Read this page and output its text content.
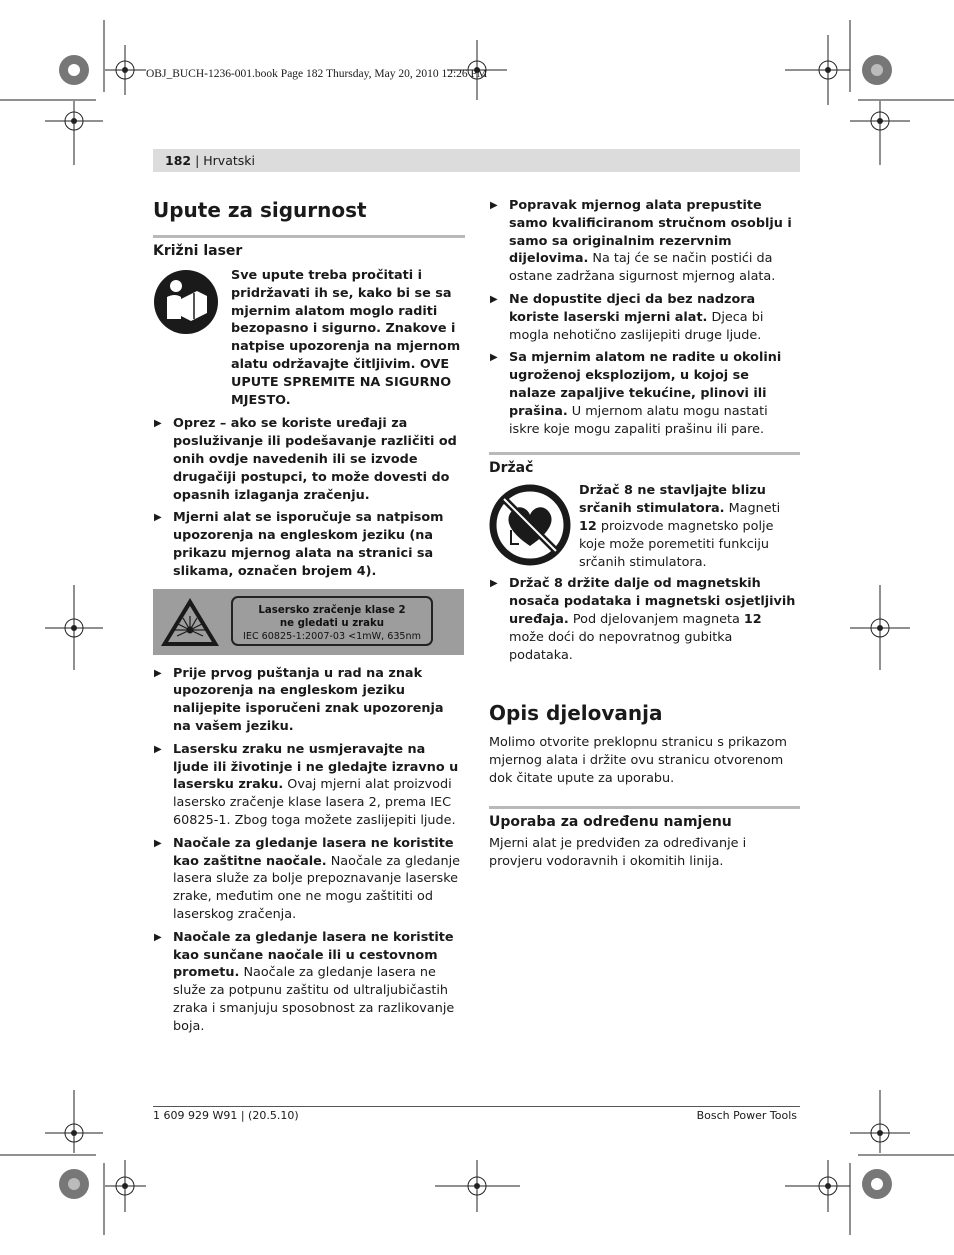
OBJ_BUCH-1236-001.book Page 182 Thursday, May 20, 2010 12:26 PM
182 | Hrvatski
Upute za sigurnost
Križni laser
Sve upute treba pročitati i pridržavati ih se, kako bi se sa mjernim alatom moglo raditi bezopasno i sigurno. Znakove i natpise upozorenja na mjernom alatu održavajte čitljivim. OVE UPUTE SPREMITE NA SIGURNO MJESTO.
▶ Oprez – ako se koriste uređaji za posluživanje ili podešavanje različiti od onih ovdje navedenih ili se izvode drugačiji postupci, to može dovesti do opasnih izlaganja zračenju.
▶ Mjerni alat se isporučuje sa natpisom upozorenja na engleskom jeziku (na prikazu mjernog alata na stranici sa slikama, označen brojem 4).
Lasersko zračenje klase 2
ne gledati u zraku
IEC 60825-1:2007-03 <1mW, 635nm
▶ Prije prvog puštanja u rad na znak upozorenja na engleskom jeziku nalijepite isporučeni znak upozorenja na vašem jeziku.
▶ Lasersku zraku ne usmjeravajte na ljude ili životinje i ne gledajte izravno u lasersku zraku. Ovaj mjerni alat proizvodi lasersko zračenje klase lasera 2, prema IEC 60825-1. Zbog toga možete zaslijepiti ljude.
▶ Naočale za gledanje lasera ne koristite kao zaštitne naočale. Naočale za gledanje lasera služe za bolje prepoznavanje laserske zrake, međutim one ne mogu zaštititi od laserskog zračenja.
▶ Naočale za gledanje lasera ne koristite kao sunčane naočale ili u cestovnom prometu. Naočale za gledanje lasera ne služe za potpunu zaštitu od ultraljubičastih zraka i smanjuju sposobnost za razlikovanje boja.
▶ Popravak mjernog alata prepustite samo kvalificiranom stručnom osoblju i samo sa originalnim rezervnim dijelovima. Na taj će se način postići da ostane zadržana sigurnost mjernog alata.
▶ Ne dopustite djeci da bez nadzora koriste laserski mjerni alat. Djeca bi mogla nehotično zaslijepiti druge ljude.
▶ Sa mjernim alatom ne radite u okolini ugroženoj eksplozijom, u kojoj se nalaze zapaljive tekućine, plinovi ili prašina. U mjernom alatu mogu nastati iskre koje mogu zapaliti prašinu ili pare.
Držač
Držač 8 ne stavljajte blizu srčanih stimulatora. Magneti 12 proizvode magnetsko polje koje može poremetiti funkciju srčanih stimulatora.
▶ Držač 8 držite dalje od magnetskih nosača podataka i magnetski osjetljivih uređaja. Pod djelovanjem magneta 12 može doći do nepovratnog gubitka podataka.
Opis djelovanja
Molimo otvorite preklopnu stranicu s prikazom mjernog alata i držite ovu stranicu otvorenom dok čitate upute za uporabu.
Uporaba za određenu namjenu
Mjerni alat je predviđen za određivanje i provjeru vodoravnih i okomitih linija.
1 609 929 W91 | (20.5.10)	Bosch Power Tools
